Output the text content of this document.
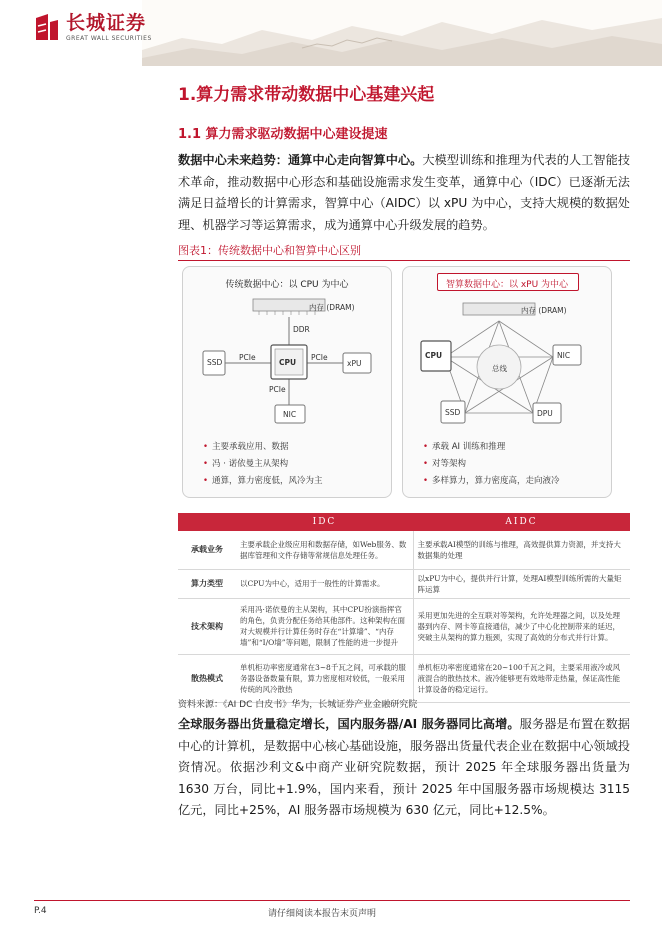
长城证券
GREAT WALL SECURITIES
1.算力需求带动数据中心基建兴起
1.1 算力需求驱动数据中心建设提速
数据中心未来趋势：通算中心走向智算中心。大模型训练和推理为代表的人工智能技术革命，推动数据中心形态和基础设施需求发生变革，通算中心（IDC）已逐渐无法满足日益增长的计算需求，智算中心（AIDC）以 xPU 为中心，支持大规模的数据处理、机器学习等运算需求，成为通算中心升级发展的趋势。
图表1：传统数据中心和智算中心区别
传统数据中心：以 CPU 为中心
内存 (DRAM)
DDR
SSD
PCIe	PCIe
PCIe
CPU	xPU
NIC
• 主要承载应用、数据
• 冯 · 诺依曼主从架构
• 通算，算力密度低，风冷为主
智算数据中心：以 xPU 为中心
内存 (DRAM)
CPU
总线
NIC
SSD	DPU
• 承载 AI 训练和推理
• 对等架构
• 多样算力，算力密度高，走向液冷
	IDC	AIDC
承载业务	主要承载企业级应用和数据存储，如Web服务、数据库管理和文件存储等常规信息处理任务。	主要承载AI模型的训练与推理，高效提供算力资源，并支持大数据集的处理
算力类型	以CPU为中心，适用于一般性的计算需求。	以xPU为中心，提供并行计算，处理AI模型训练所需的大量矩阵运算
技术架构	采用冯·诺依曼的主从架构，其中CPU扮演指挥官的角色，负责分配任务给其他部件。这种架构在面对大规模并行计算任务时存在“计算墙”、“内存墙”和“I/O墙”等问题，限制了性能的进一步提升	采用更加先进的全互联对等架构，允许处理器之间，以及处理器到内存、网卡等直接通信，减少了中心化控制带来的延迟，突破主从架构的算力瓶颈，实现了高效的分布式并行计算。
散热模式	单机柜功率密度通常在3~8千瓦之间，可承载的服务器设备数量有限，算力密度相对较低，一般采用传统的风冷散热	单机柜功率密度通常在20~100千瓦之间，主要采用液冷或风液混合的散热技术。液冷能够更有效地带走热量，保证高性能计算设备的稳定运行。
资料来源：《AI DC 白皮书》华为，长城证券产业金融研究院
全球服务器出货量稳定增长，国内服务器/AI 服务器同比高增。服务器是布置在数据中心的计算机，是数据中心核心基础设施，服务器出货量代表企业在数据中心领域投资情况。依据沙利文&中商产业研究院数据，预计 2025 年全球服务器出货量为 1630 万台，同比+1.9%，国内来看，预计 2025 年中国服务器市场规模达 3115 亿元，同比+25%，AI 服务器市场规模为 630 亿元，同比+12.5%。
P.4	请仔细阅读本报告末页声明
